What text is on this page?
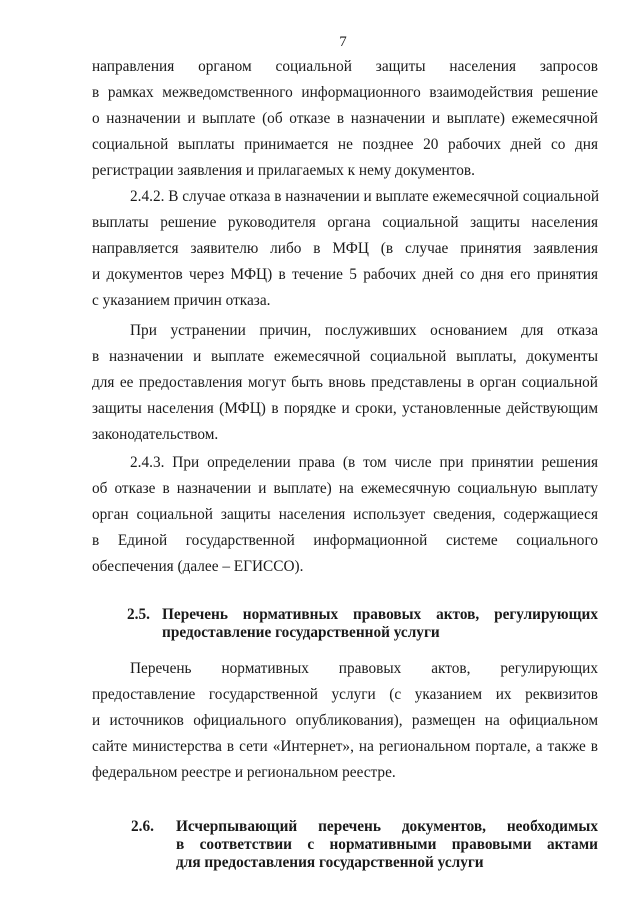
7
направления органом социальной защиты населения запросов
в рамках межведомственного информационного взаимодействия решение
о назначении и выплате (об отказе в назначении и выплате) ежемесячной
социальной выплаты принимается не позднее 20 рабочих дней со дня
регистрации заявления и прилагаемых к нему документов.
2.4.2. В случае отказа в назначении и выплате ежемесячной социальной
выплаты решение руководителя органа социальной защиты населения
направляется заявителю либо в МФЦ (в случае принятия заявления
и документов через МФЦ) в течение 5 рабочих дней со дня его принятия
с указанием причин отказа.
При устранении причин, послуживших основанием для отказа
в назначении и выплате ежемесячной социальной выплаты, документы
для ее предоставления могут быть вновь представлены в орган социальной
защиты населения (МФЦ) в порядке и сроки, установленные действующим
законодательством.
2.4.3. При определении права (в том числе при принятии решения
об отказе в назначении и выплате) на ежемесячную социальную выплату
орган социальной защиты населения использует сведения, содержащиеся
в Единой государственной информационной системе социального
обеспечения (далее – ЕГИССО).
2.5. Перечень нормативных правовых актов, регулирующих
предоставление государственной услуги
Перечень нормативных правовых актов, регулирующих
предоставление государственной услуги (с указанием их реквизитов
и источников официального опубликования), размещен на официальном
сайте министерства в сети «Интернет», на региональном портале, а также в
федеральном реестре и региональном реестре.
2.6. Исчерпывающий перечень документов, необходимых
в соответствии с нормативными правовыми актами
для предоставления государственной услуги
